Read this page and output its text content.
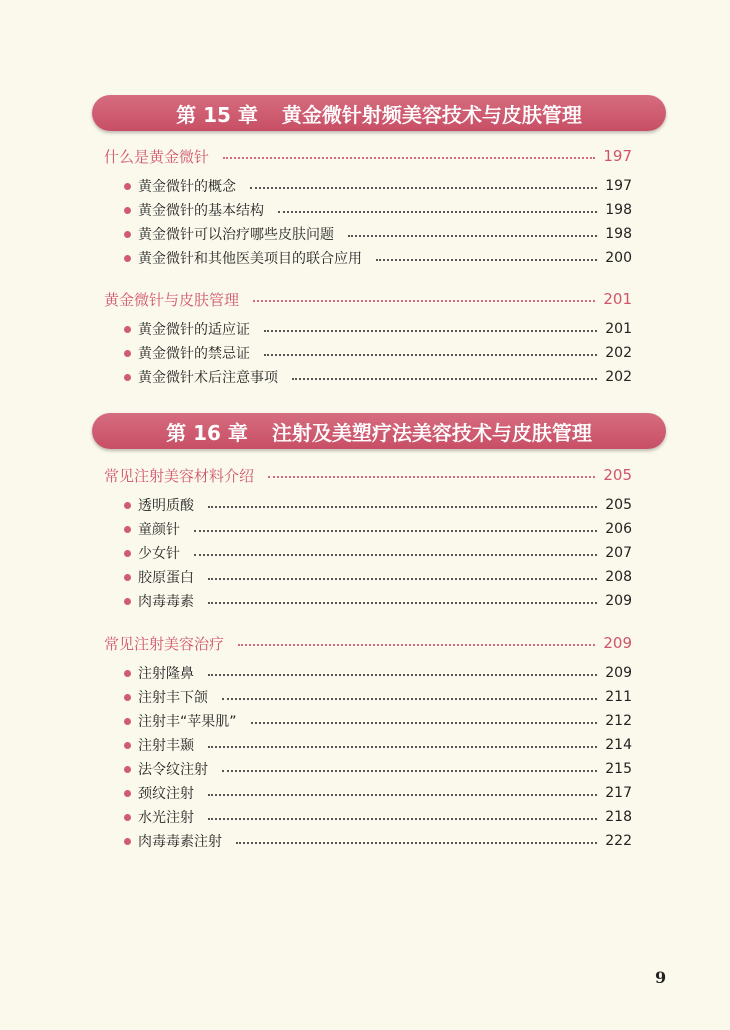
第 15 章 黄金微针射频美容技术与皮肤管理
什么是黄金微针	197
黄金微针的概念	197
黄金微针的基本结构	198
黄金微针可以治疗哪些皮肤问题	198
黄金微针和其他医美项目的联合应用	200
黄金微针与皮肤管理	201
黄金微针的适应证	201
黄金微针的禁忌证	202
黄金微针术后注意事项	202
第 16 章 注射及美塑疗法美容技术与皮肤管理
常见注射美容材料介绍	205
透明质酸	205
童颜针	206
少女针	207
胶原蛋白	208
肉毒毒素	209
常见注射美容治疗	209
注射隆鼻	209
注射丰下颌	211
注射丰“苹果肌”	212
注射丰颞	214
法令纹注射	215
颈纹注射	217
水光注射	218
肉毒毒素注射	222
9
